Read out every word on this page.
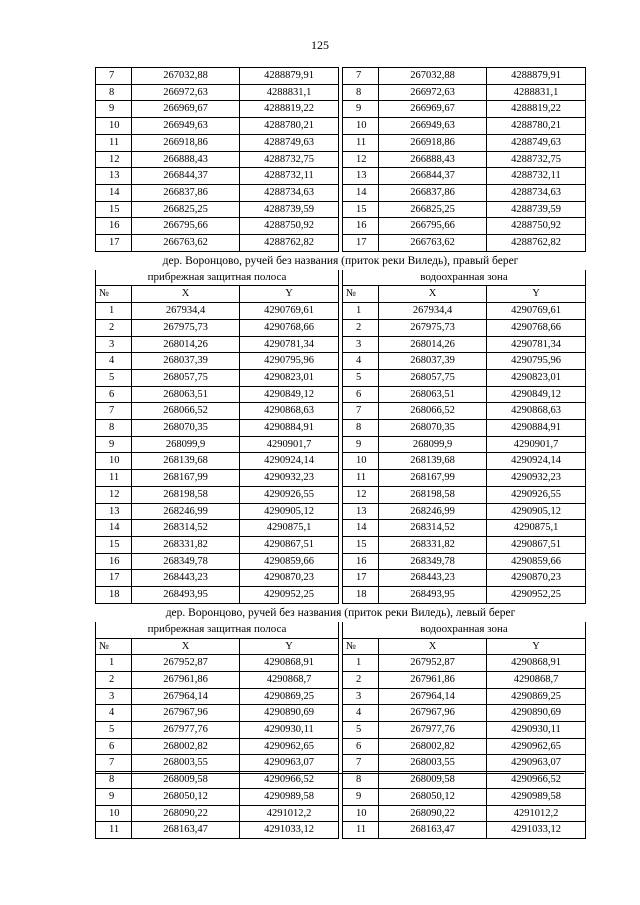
125
7	267032,88	4288879,91		7	267032,88	4288879,91
8	266972,63	4288831,1		8	266972,63	4288831,1
9	266969,67	4288819,22		9	266969,67	4288819,22
10	266949,63	4288780,21		10	266949,63	4288780,21
11	266918,86	4288749,63		11	266918,86	4288749,63
12	266888,43	4288732,75		12	266888,43	4288732,75
13	266844,37	4288732,11		13	266844,37	4288732,11
14	266837,86	4288734,63		14	266837,86	4288734,63
15	266825,25	4288739,59		15	266825,25	4288739,59
16	266795,66	4288750,92		16	266795,66	4288750,92
17	266763,62	4288762,82		17	266763,62	4288762,82
дер. Воронцово, ручей без названия (приток реки Виледь), правый берег						
прибрежная защитная полоса				водоохранная зона		
№	X	Y		№	X	Y
1	267934,4	4290769,61		1	267934,4	4290769,61
2	267975,73	4290768,66		2	267975,73	4290768,66
3	268014,26	4290781,34		3	268014,26	4290781,34
4	268037,39	4290795,96		4	268037,39	4290795,96
5	268057,75	4290823,01		5	268057,75	4290823,01
6	268063,51	4290849,12		6	268063,51	4290849,12
7	268066,52	4290868,63		7	268066,52	4290868,63
8	268070,35	4290884,91		8	268070,35	4290884,91
9	268099,9	4290901,7		9	268099,9	4290901,7
10	268139,68	4290924,14		10	268139,68	4290924,14
11	268167,99	4290932,23		11	268167,99	4290932,23
12	268198,58	4290926,55		12	268198,58	4290926,55
13	268246,99	4290905,12		13	268246,99	4290905,12
14	268314,52	4290875,1		14	268314,52	4290875,1
15	268331,82	4290867,51		15	268331,82	4290867,51
16	268349,78	4290859,66		16	268349,78	4290859,66
17	268443,23	4290870,23		17	268443,23	4290870,23
18	268493,95	4290952,25		18	268493,95	4290952,25
дер. Воронцово, ручей без названия (приток реки Виледь), левый берег						
прибрежная защитная полоса				водоохранная зона		
№	X	Y		№	X	Y
1	267952,87	4290868,91		1	267952,87	4290868,91
2	267961,86	4290868,7		2	267961,86	4290868,7
3	267964,14	4290869,25		3	267964,14	4290869,25
4	267967,96	4290890,69		4	267967,96	4290890,69
5	267977,76	4290930,11		5	267977,76	4290930,11
6	268002,82	4290962,65		6	268002,82	4290962,65
7	268003,55	4290963,07		7	268003,55	4290963,07
8	268009,58	4290966,52		8	268009,58	4290966,52
9	268050,12	4290989,58		9	268050,12	4290989,58
10	268090,22	4291012,2		10	268090,22	4291012,2
11	268163,47	4291033,12		11	268163,47	4291033,12
